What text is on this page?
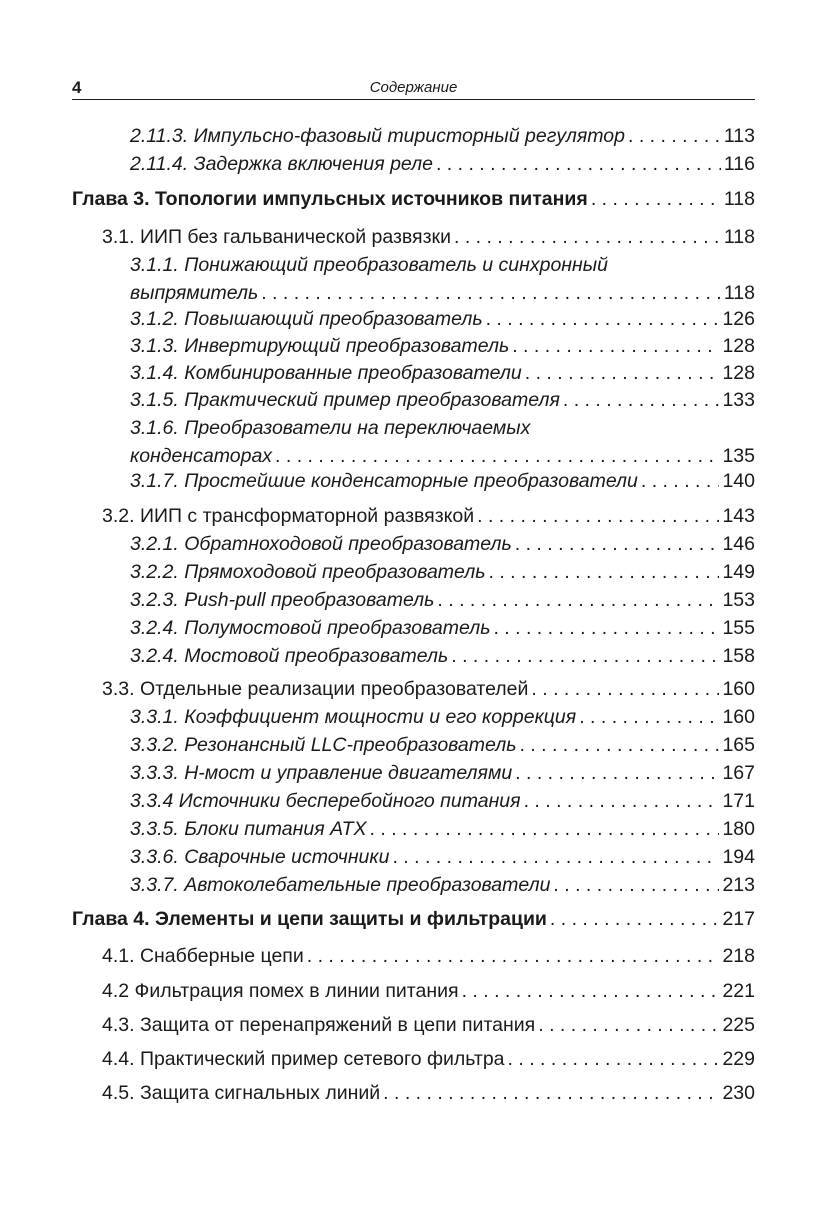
4	Содержание
2.11.3. Импульсно-фазовый тиристорный регулятор . . .	113
2.11.4. Задержка включения реле . . .	116
Глава 3. Топологии импульсных источников питания . . .	118
3.1. ИИП без гальванической развязки . . .	118
3.1.1. Понижающий преобразователь и синхронный
выпрямитель . . .	118
3.1.2. Повышающий преобразователь . . .	126
3.1.3. Инвертирующий преобразователь . . .	128
3.1.4. Комбинированные преобразователи . . .	128
3.1.5. Практический пример преобразователя . . .	133
3.1.6. Преобразователи на переключаемых
конденсаторах . . .	135
3.1.7. Простейшие конденсаторные преобразователи . . .	140
3.2. ИИП с трансформаторной развязкой . . .	143
3.2.1. Обратноходовой преобразователь . . .	146
3.2.2. Прямоходовой преобразователь . . .	149
3.2.3. Push-pull преобразователь . . .	153
3.2.4. Полумостовой преобразователь . . .	155
3.2.4. Мостовой преобразователь . . .	158
3.3. Отдельные реализации преобразователей . . .	160
3.3.1. Коэффициент мощности и его коррекция . . .	160
3.3.2. Резонансный LLC-преобразователь . . .	165
3.3.3. H-мост и управление двигателями . . .	167
3.3.4 Источники бесперебойного питания . . .	171
3.3.5. Блоки питания ATX . . .	180
3.3.6. Сварочные источники . . .	194
3.3.7. Автоколебательные преобразователи . . .	213
Глава 4. Элементы и цепи защиты и фильтрации . . .	217
4.1. Снабберные цепи . . .	218
4.2 Фильтрация помех в линии питания . . .	221
4.3. Защита от перенапряжений в цепи питания . . .	225
4.4. Практический пример сетевого фильтра . . .	229
4.5. Защита сигнальных линий . . .	230
